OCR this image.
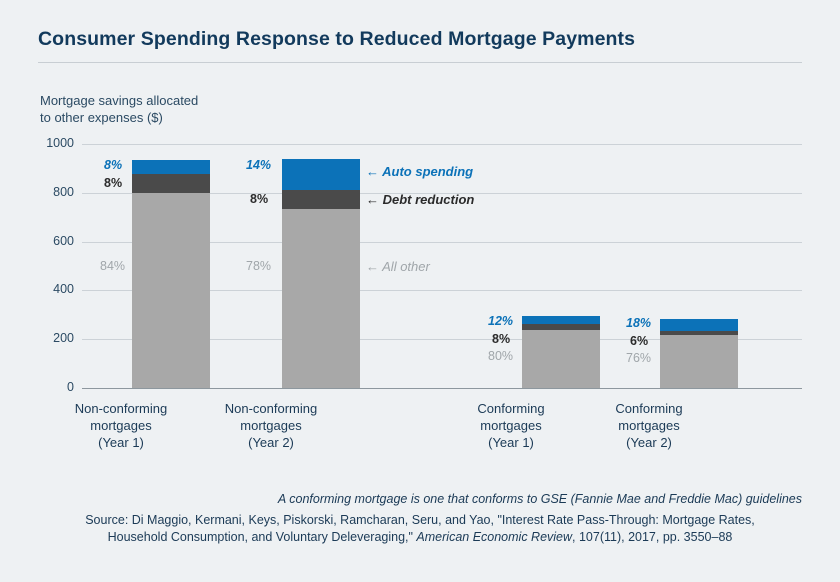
Consumer Spending Response to Reduced Mortgage Payments
Mortgage savings allocated
to other expenses ($)
1000
800
600
400
200
0
8%
8%
84%
14%
8%
78%
12%
8%
80%
18%
6%
76%
← Auto spending
← Debt reduction
← All other
Non-conforming
mortgages
(Year 1)
Non-conforming
mortgages
(Year 2)
Conforming
mortgages
(Year 1)
Conforming
mortgages
(Year 2)
A conforming mortgage is one that conforms to GSE (Fannie Mae and Freddie Mac) guidelines
Source: Di Maggio, Kermani, Keys, Piskorski, Ramcharan, Seru, and Yao, "Interest Rate Pass-Through: Mortgage Rates,
Household Consumption, and Voluntary Deleveraging," American Economic Review, 107(11), 2017, pp. 3550–88
